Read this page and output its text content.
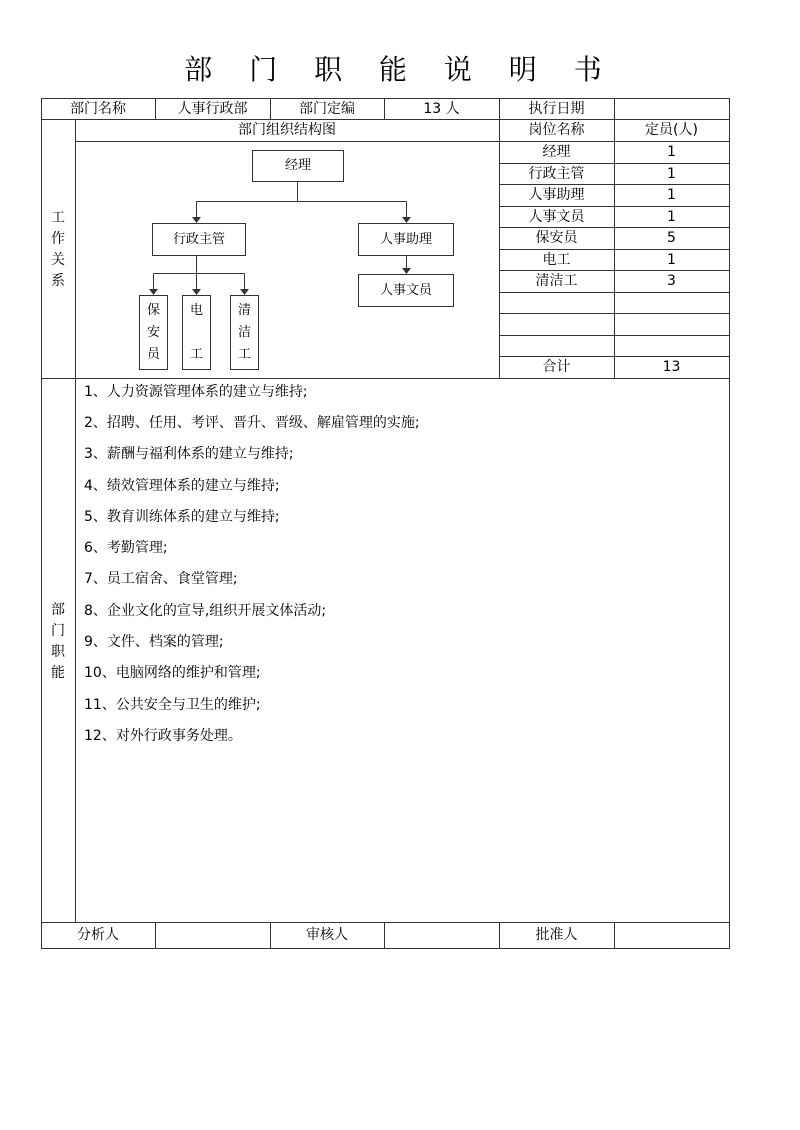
部 门 职 能 说 明 书
部门名称	人事行政部	部门定编	13 人	执行日期
工
作
关
系
部门组织结构图
经理
行政主管	人事助理
人事文员
保
安
员
电
工
清
洁
工
岗位名称	定员(人)
经理	1
行政主管	1
人事助理	1
人事文员	1
保安员	5
电工	1
清洁工	3
合计	13
部
门
职
能
1、人力资源管理体系的建立与维持;
2、招聘、任用、考评、晋升、晋级、解雇管理的实施;
3、薪酬与福利体系的建立与维持;
4、绩效管理体系的建立与维持;
5、教育训练体系的建立与维持;
6、考勤管理;
7、员工宿舍、食堂管理;
8、企业文化的宣导,组织开展文体活动;
9、文件、档案的管理;
10、电脑网络的维护和管理;
11、公共安全与卫生的维护;
12、对外行政事务处理。
分析人	审核人	批准人
